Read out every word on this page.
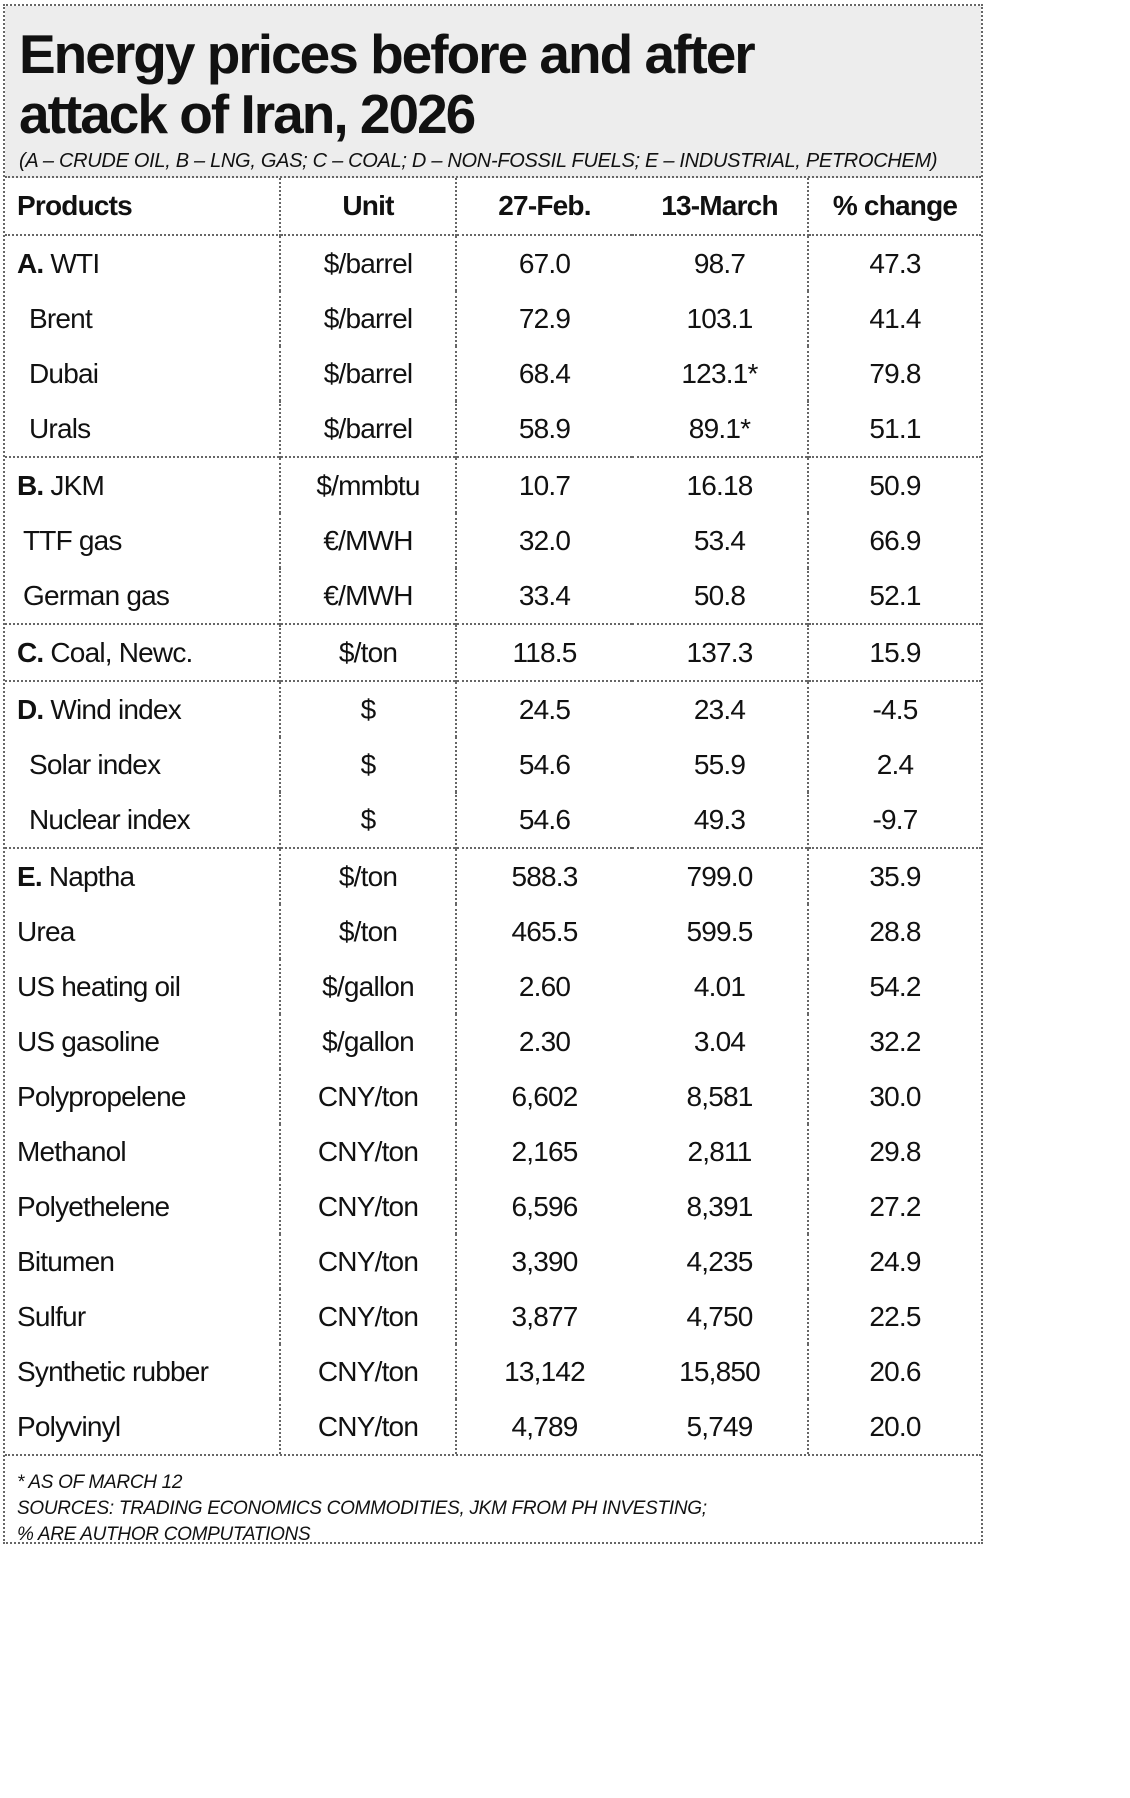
Energy prices before and after
attack of Iran, 2026
(A – CRUDE OIL, B – LNG, GAS; C – COAL; D – NON-FOSSIL FUELS; E – INDUSTRIAL, PETROCHEM)
Products	Unit	27-Feb.	13-March	% change
A. WTI	$/barrel	67.0	98.7	47.3
Brent	$/barrel	72.9	103.1	41.4
Dubai	$/barrel	68.4	123.1*	79.8
Urals	$/barrel	58.9	89.1*	51.1
B. JKM	$/mmbtu	10.7	16.18	50.9
TTF gas	€/MWH	32.0	53.4	66.9
German gas	€/MWH	33.4	50.8	52.1
C. Coal, Newc.	$/ton	118.5	137.3	15.9
D. Wind index	$	24.5	23.4	-4.5
Solar index	$	54.6	55.9	2.4
Nuclear index	$	54.6	49.3	-9.7
E. Naptha	$/ton	588.3	799.0	35.9
Urea	$/ton	465.5	599.5	28.8
US heating oil	$/gallon	2.60	4.01	54.2
US gasoline	$/gallon	2.30	3.04	32.2
Polypropelene	CNY/ton	6,602	8,581	30.0
Methanol	CNY/ton	2,165	2,811	29.8
Polyethelene	CNY/ton	6,596	8,391	27.2
Bitumen	CNY/ton	3,390	4,235	24.9
Sulfur	CNY/ton	3,877	4,750	22.5
Synthetic rubber	CNY/ton	13,142	15,850	20.6
Polyvinyl	CNY/ton	4,789	5,749	20.0
* AS OF MARCH 12
SOURCES: TRADING ECONOMICS COMMODITIES, JKM FROM PH INVESTING;
% ARE AUTHOR COMPUTATIONS
